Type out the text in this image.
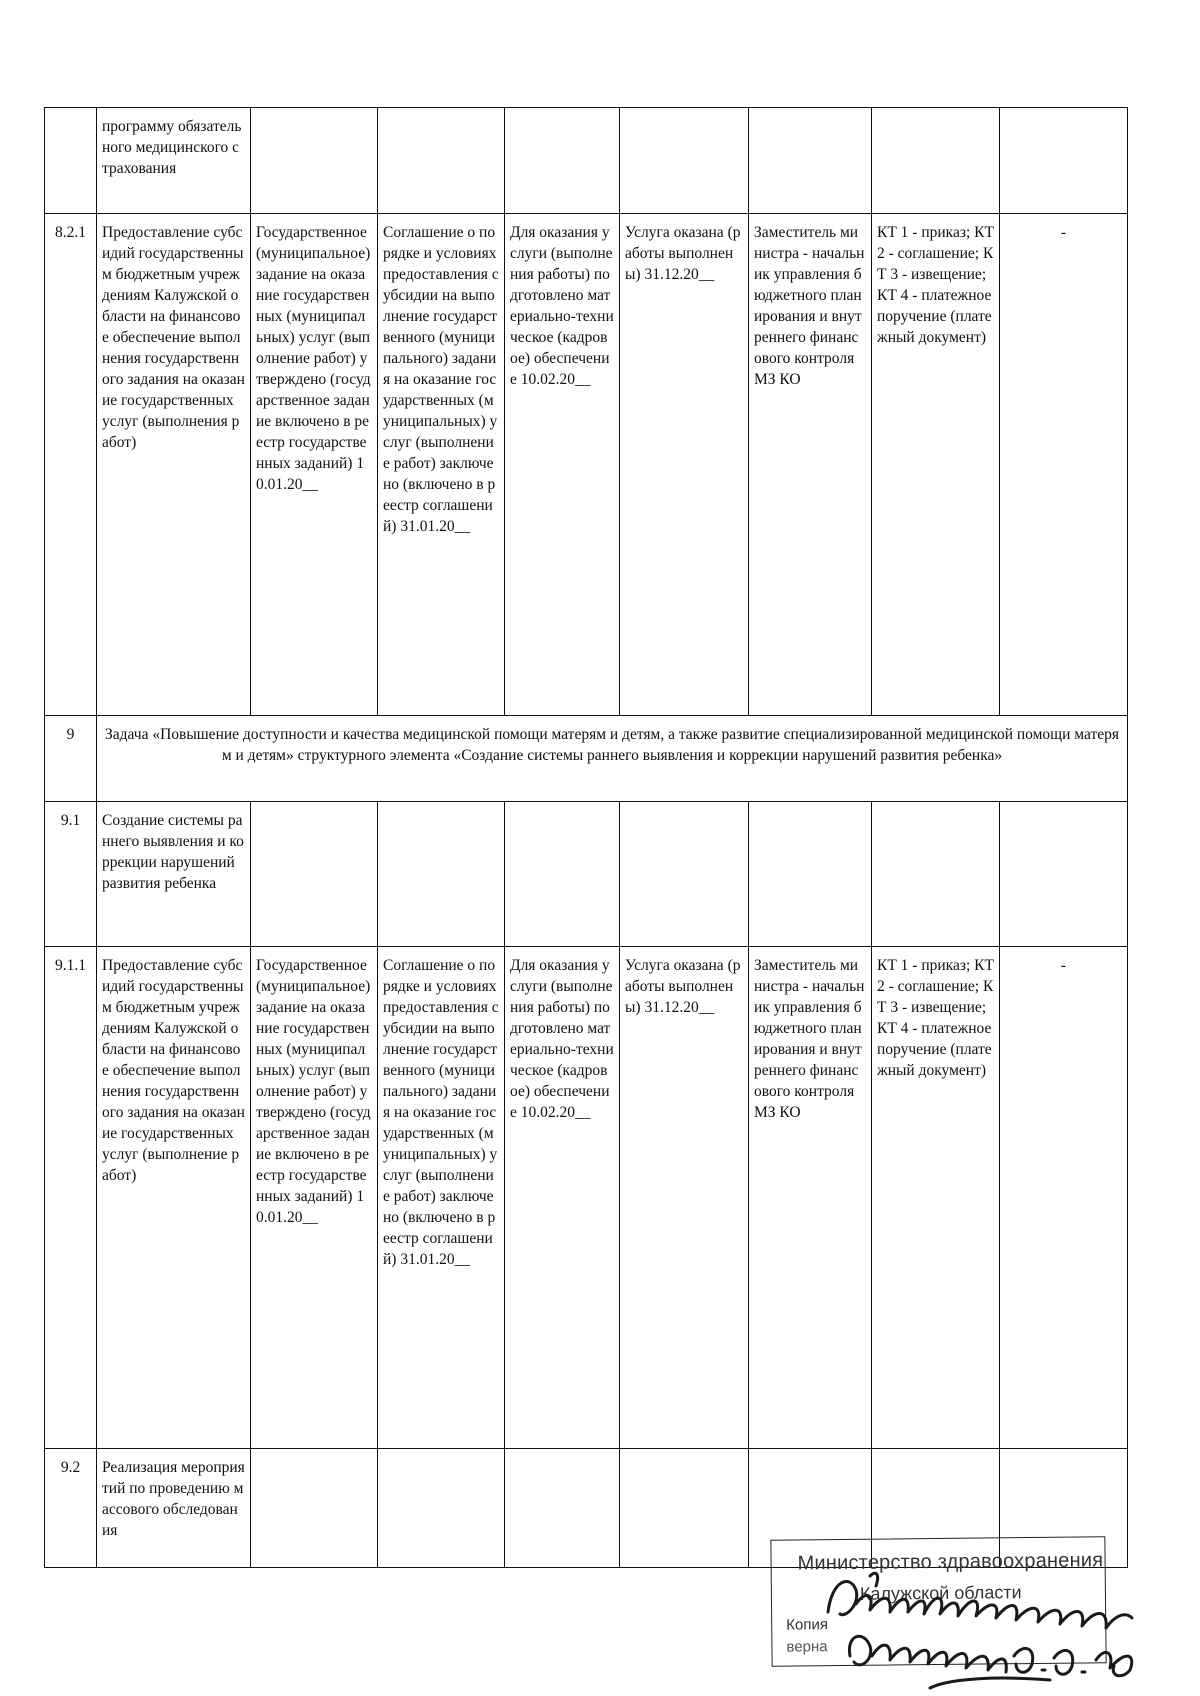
	программу обязательного медицинского страхования							
8.2.1	Предоставление субсидий государственным бюджетным учреждениям Калужской области на финансовое обеспечение выполнения государственного задания на оказание государственных услуг (выполнения работ)	Государственное (муниципальное) задание на оказание государственных (муниципальных) услуг (выполнение работ) утверждено (государственное задание включено в реестр государственных заданий) 10.01.20__	Соглашение о порядке и условиях предоставления субсидии на выполнение государственного (муниципального) задания на оказание государственных (муниципальных) услуг (выполнение работ) заключено (включено в реестр соглашений) 31.01.20__	Для оказания услуги (выполнения работы) подготовлено материально-техническое (кадровое) обеспечение 10.02.20__	Услуга оказана (работы выполнены) 31.12.20__	Заместитель министра - начальник управления бюджетного планирования и внутреннего финансового контроля МЗ КО	КТ 1 - приказ; КТ 2 - соглашение; КТ 3 - извещение; КТ 4 - платежное поручение (платежный документ)	-
9	Задача «Повышение доступности и качества медицинской помощи матерям и детям, а также развитие специализированной медицинской помощи матерям и детям» структурного элемента «Создание системы раннего выявления и коррекции нарушений развития ребенка»							
9.1	Создание системы раннего выявления и коррекции нарушений развития ребенка							
9.1.1	Предоставление субсидий государственным бюджетным учреждениям Калужской области на финансовое обеспечение выполнения государственного задания на оказание государственных услуг (выполнение работ)	Государственное (муниципальное) задание на оказание государственных (муниципальных) услуг (выполнение работ) утверждено (государственное задание включено в реестр государственных заданий) 10.01.20__	Соглашение о порядке и условиях предоставления субсидии на выполнение государственного (муниципального) задания на оказание государственных (муниципальных) услуг (выполнение работ) заключено (включено в реестр соглашений) 31.01.20__	Для оказания услуги (выполнения работы) подготовлено материально-техническое (кадровое) обеспечение 10.02.20__	Услуга оказана (работы выполнены) 31.12.20__	Заместитель министра - начальник управления бюджетного планирования и внутреннего финансового контроля МЗ КО	КТ 1 - приказ; КТ 2 - соглашение; КТ 3 - извещение; КТ 4 - платежное поручение (платежный документ)	-
9.2	Реализация мероприятий по проведению массового обследования							
Министерство здравоохранения
Калужской области
Копия
верна
